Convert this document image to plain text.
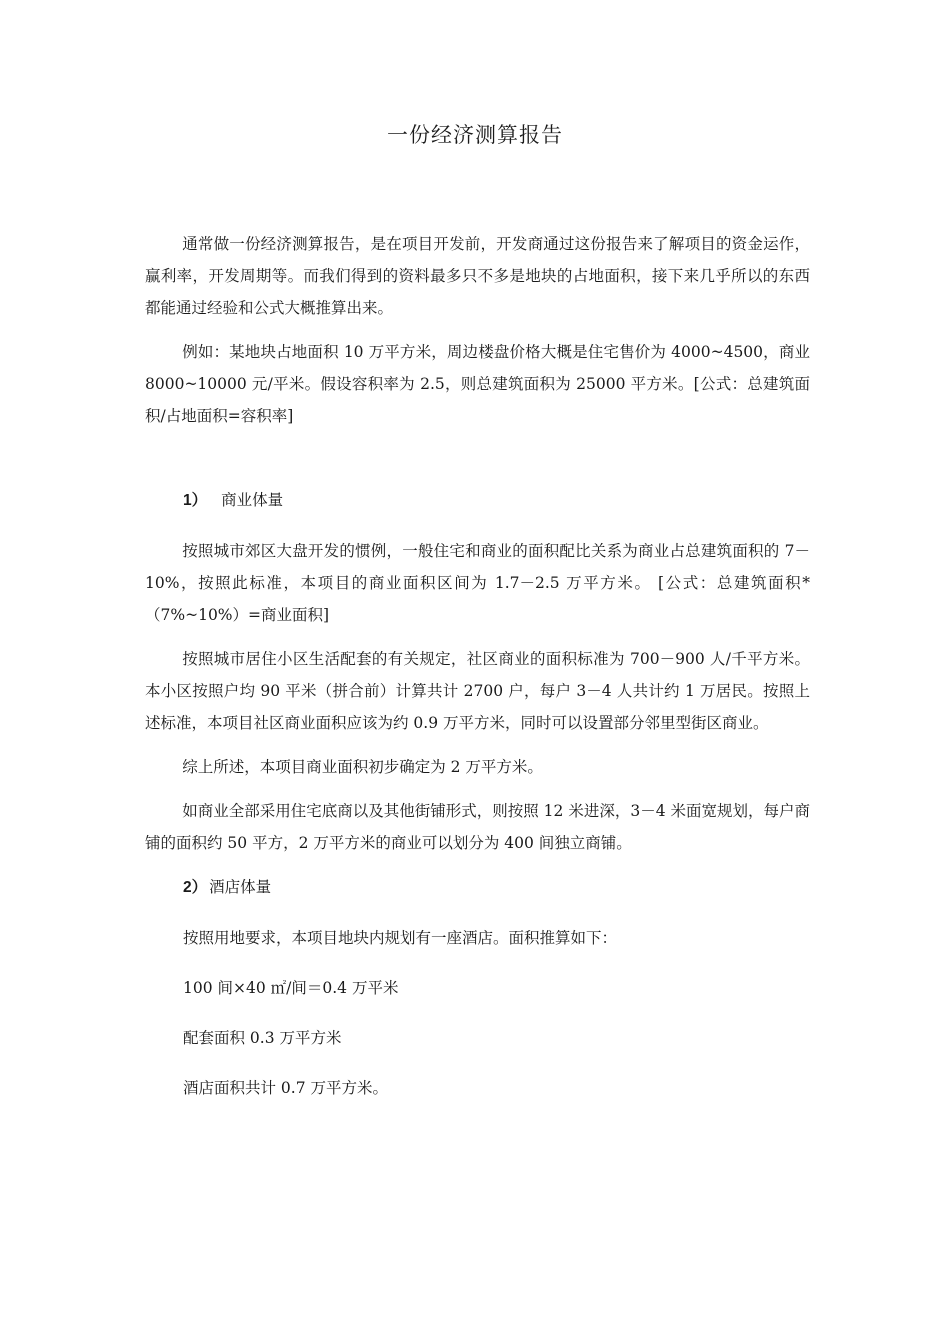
一份经济测算报告

通常做一份经济测算报告，是在项目开发前，开发商通过这份报告来了解项目的资金运作，赢利率，开发周期等。而我们得到的资料最多只不多是地块的占地面积，接下来几乎所以的东西都能通过经验和公式大概推算出来。

例如：某地块占地面积 10 万平方米，周边楼盘价格大概是住宅售价为 4000~4500，商业 8000~10000 元/平米。假设容积率为 2.5，则总建筑面积为 25000 平方米。[公式：总建筑面积/占地面积=容积率]

1） 商业体量

按照城市郊区大盘开发的惯例，一般住宅和商业的面积配比关系为商业占总建筑面积的 7－10%，按照此标准，本项目的商业面积区间为 1.7－2.5 万平方米。 [公式：总建筑面积*（7%~10%）=商业面积]

按照城市居住小区生活配套的有关规定，社区商业的面积标准为 700－900 人/千平方米。本小区按照户均 90 平米（拼合前）计算共计 2700 户，每户 3－4 人共计约 1 万居民。按照上述标准，本项目社区商业面积应该为约 0.9 万平方米，同时可以设置部分邻里型街区商业。

综上所述，本项目商业面积初步确定为 2 万平方米。

如商业全部采用住宅底商以及其他街铺形式，则按照 12 米进深，3－4 米面宽规划，每户商铺的面积约 50 平方，2 万平方米的商业可以划分为 400 间独立商铺。

2） 酒店体量
按照用地要求，本项目地块内规划有一座酒店。面积推算如下：
100 间×40 ㎡/间＝0.4 万平米
配套面积 0.3 万平方米
酒店面积共计 0.7 万平方米。
